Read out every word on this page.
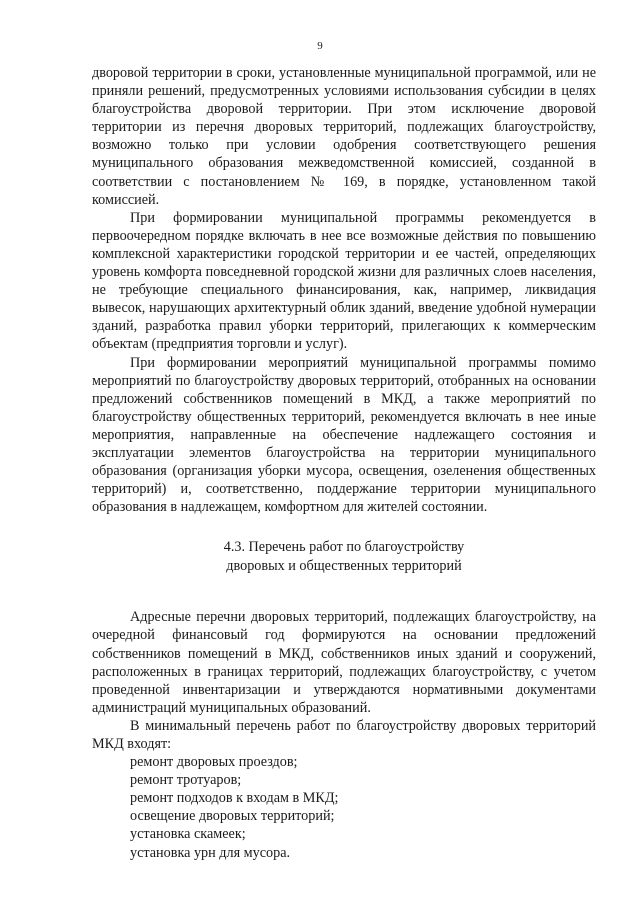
9

дворовой территории в сроки, установленные муниципальной программой, или не приняли решений, предусмотренных условиями использования субсидии в целях благоустройства дворовой территории. При этом исключение дворовой территории из перечня дворовых территорий, подлежащих благоустройству, возможно только при условии одобрения соответствующего решения муниципального образования межведомственной комиссией, созданной в соответствии с постановлением № 169, в порядке, установленном такой комиссией.

При формировании муниципальной программы рекомендуется в первоочередном порядке включать в нее все возможные действия по повышению комплексной характеристики городской территории и ее частей, определяющих уровень комфорта повседневной городской жизни для различных слоев населения, не требующие специального финансирования, как, например, ликвидация вывесок, нарушающих архитектурный облик зданий, введение удобной нумерации зданий, разработка правил уборки территорий, прилегающих к коммерческим объектам (предприятия торговли и услуг).

При формировании мероприятий муниципальной программы помимо мероприятий по благоустройству дворовых территорий, отобранных на основании предложений собственников помещений в МКД, а также мероприятий по благоустройству общественных территорий, рекомендуется включать в нее иные мероприятия, направленные на обеспечение надлежащего состояния и эксплуатации элементов благоустройства на территории муниципального образования (организация уборки мусора, освещения, озеленения общественных территорий) и, соответственно, поддержание территории муниципального образования в надлежащем, комфортном для жителей состоянии.

4.3. Перечень работ по благоустройству
дворовых и общественных территорий

Адресные перечни дворовых территорий, подлежащих благоустройству, на очередной финансовый год формируются на основании предложений собственников помещений в МКД, собственников иных зданий и сооружений, расположенных в границах территорий, подлежащих благоустройству, с учетом проведенной инвентаризации и утверждаются нормативными документами администраций муниципальных образований.

В минимальный перечень работ по благоустройству дворовых территорий МКД входят:

ремонт дворовых проездов;
ремонт тротуаров;
ремонт подходов к входам в МКД;
освещение дворовых территорий;
установка скамеек;
установка урн для мусора.
